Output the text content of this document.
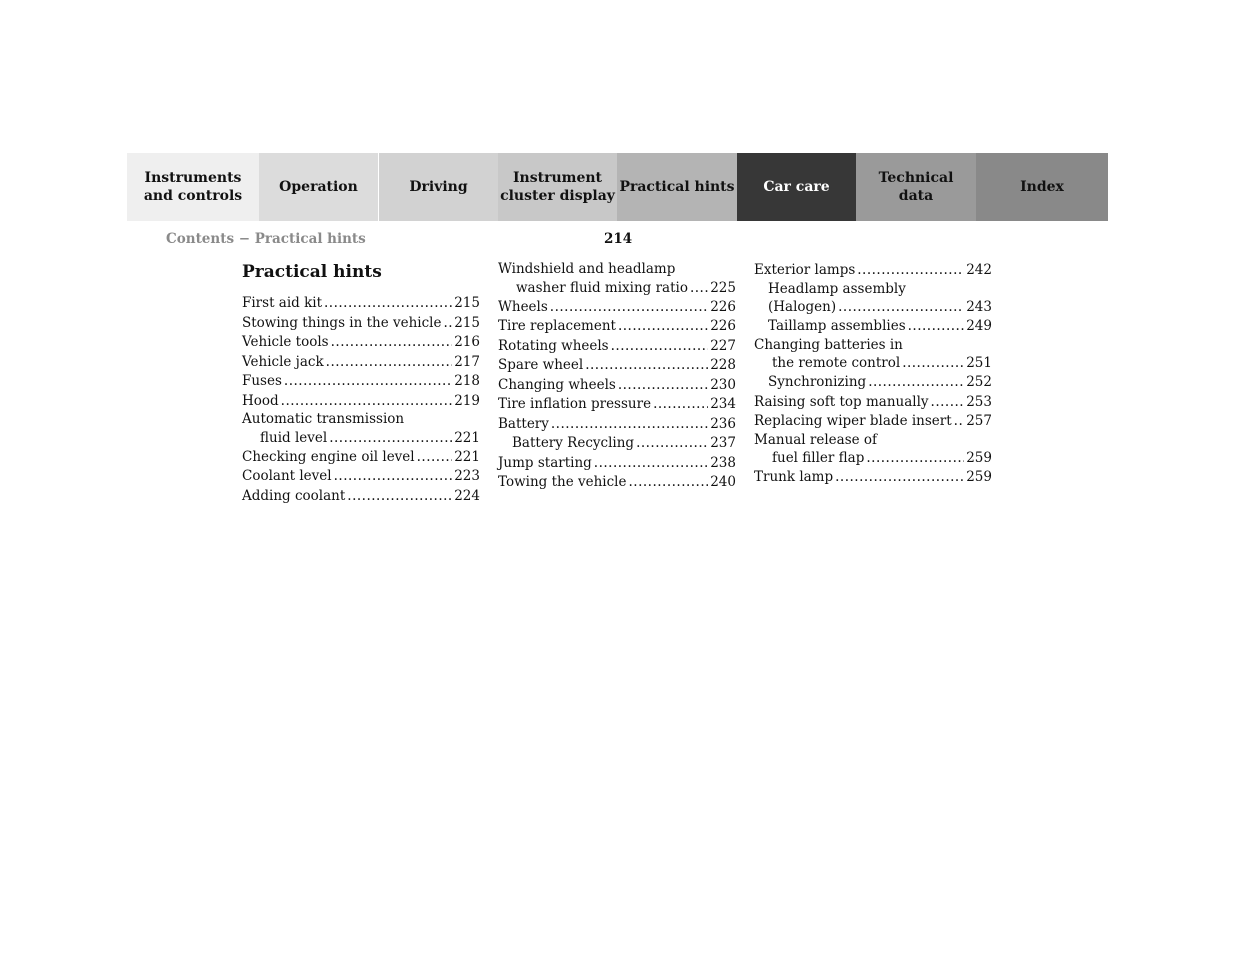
Instruments
and controls
Operation	Driving
Instrument
cluster display
Practical hints	Car care
Technical
data
Index
Contents − Practical hints	214
Practical hints
First aid kit .....	215
Stowing things in the vehicle ..... 215
Vehicle tools .....	216
Vehicle jack .....	217
Fuses .....	218
Hood .....	219
Automatic transmission
fluid level .....	221
Checking engine oil level .....	221
Coolant level .....	223
Adding coolant .....	224
Windshield and headlamp
washer fluid mixing ratio ..... 225
Wheels .....	226
Tire replacement .....	226
Rotating wheels .....	227
Spare wheel .....	228
Changing wheels .....	230
Tire inflation pressure .....	234
Battery .....	236
Battery Recycling .....	237
Jump starting .....	238
Towing the vehicle .....	240
Exterior lamps .....	242
Headlamp assembly
(Halogen) .....	243
Taillamp assemblies .....	249
Changing batteries in
the remote control .....	251
Synchronizing .....	252
Raising soft top manually .....	253
Replacing wiper blade insert ..... 257
Manual release of
fuel filler flap .....	259
Trunk lamp .....	259
